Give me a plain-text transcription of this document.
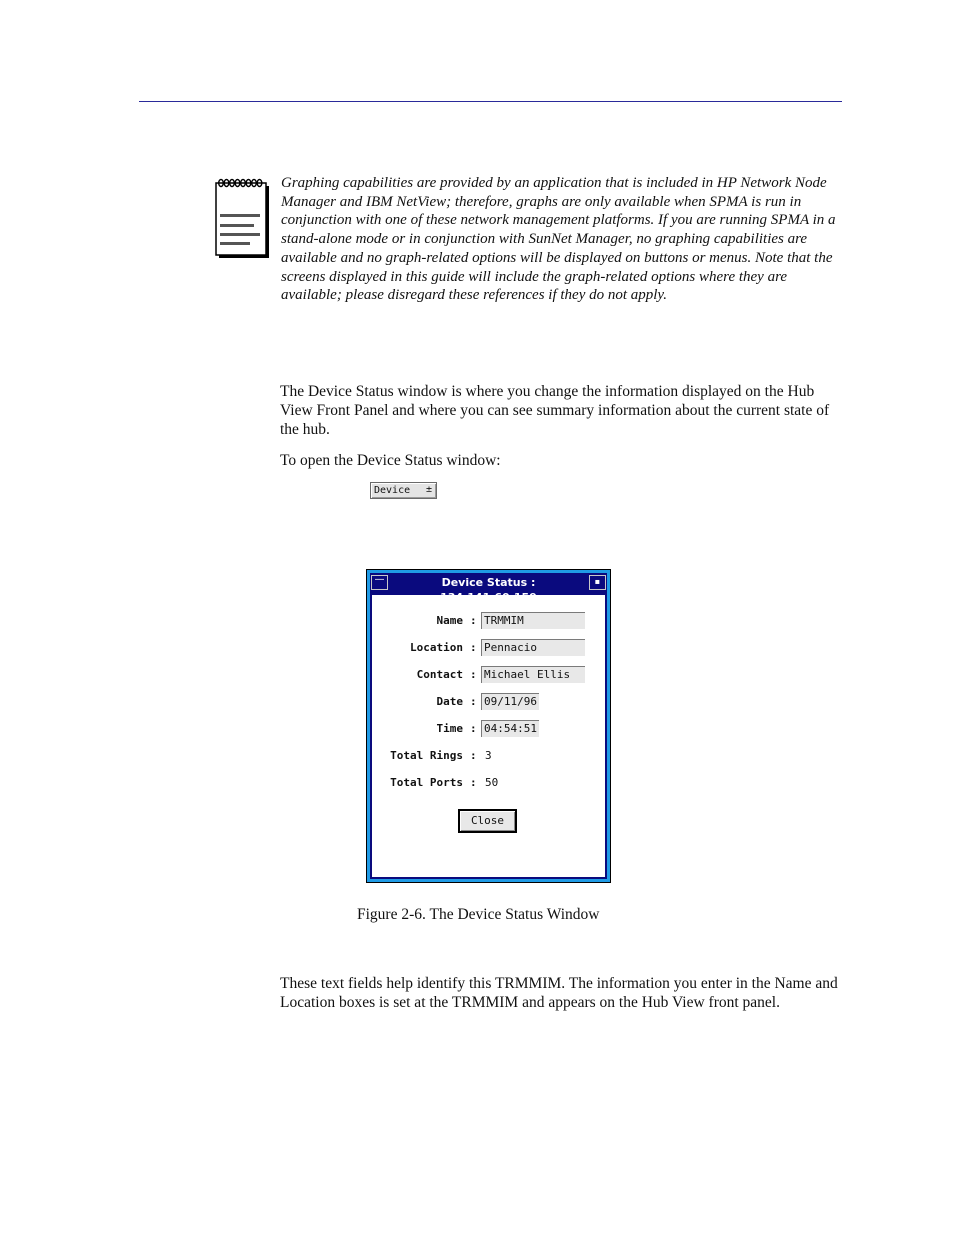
Graphing capabilities are provided by an application that is included in HP Network Node Manager and IBM NetView; therefore, graphs are only available when SPMA is run in conjunction with one of these network management platforms. If you are running SPMA in a stand-alone mode or in conjunction with SunNet Manager, no graphing capabilities are available and no graph-related options will be displayed on buttons or menus. Note that the screens displayed in this guide will include the graph-related options where they are available; please disregard these references if they do not apply.
The Device Status window is where you change the information displayed on the Hub View Front Panel and where you can see summary information about the current state of the hub.
To open the Device Status window:
Device ±
—	Device Status :	▪
Name : TRMMIM
Location : Pennacio
Contact : Michael Ellis
Date : 09/11/96
Time : 04:54:51
Total Rings : 3
Total Ports : 50
Close
Figure 2-6. The Device Status Window
These text fields help identify this TRMMIM. The information you enter in the Name and Location boxes is set at the TRMMIM and appears on the Hub View front panel.
